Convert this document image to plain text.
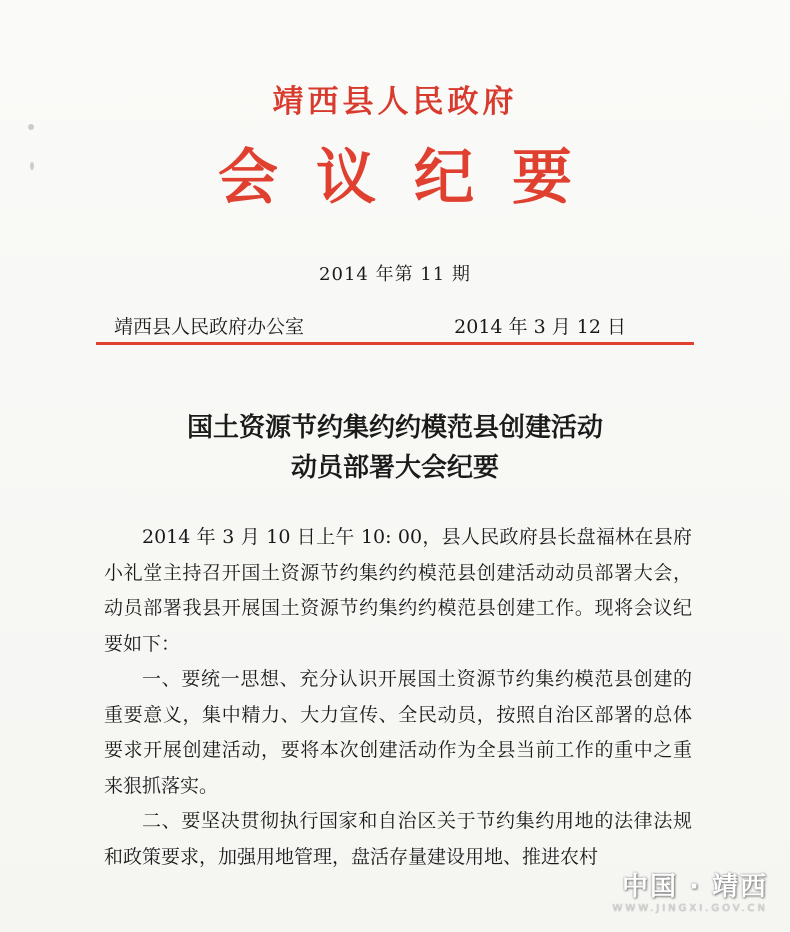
靖西县人民政府
会议纪要
2014 年第 11 期
靖西县人民政府办公室	2014 年 3 月 12 日
国土资源节约集约约模范县创建活动
动员部署大会纪要

2014 年 3 月 10 日上午 10: 00，县人民政府县长盘福林在县府小礼堂主持召开国土资源节约集约约模范县创建活动动员部署大会，动员部署我县开展国土资源节约集约约模范县创建工作。现将会议纪要如下：

一、要统一思想、充分认识开展国土资源节约集约模范县创建的重要意义，集中精力、大力宣传、全民动员，按照自治区部署的总体要求开展创建活动，要将本次创建活动作为全县当前工作的重中之重来狠抓落实。

二、要坚决贯彻执行国家和自治区关于节约集约用地的法律法规和政策要求，加强用地管理，盘活存量建设用地、推进农村

中国 · 靖西
WWW.JINGXI.GOV.CN
